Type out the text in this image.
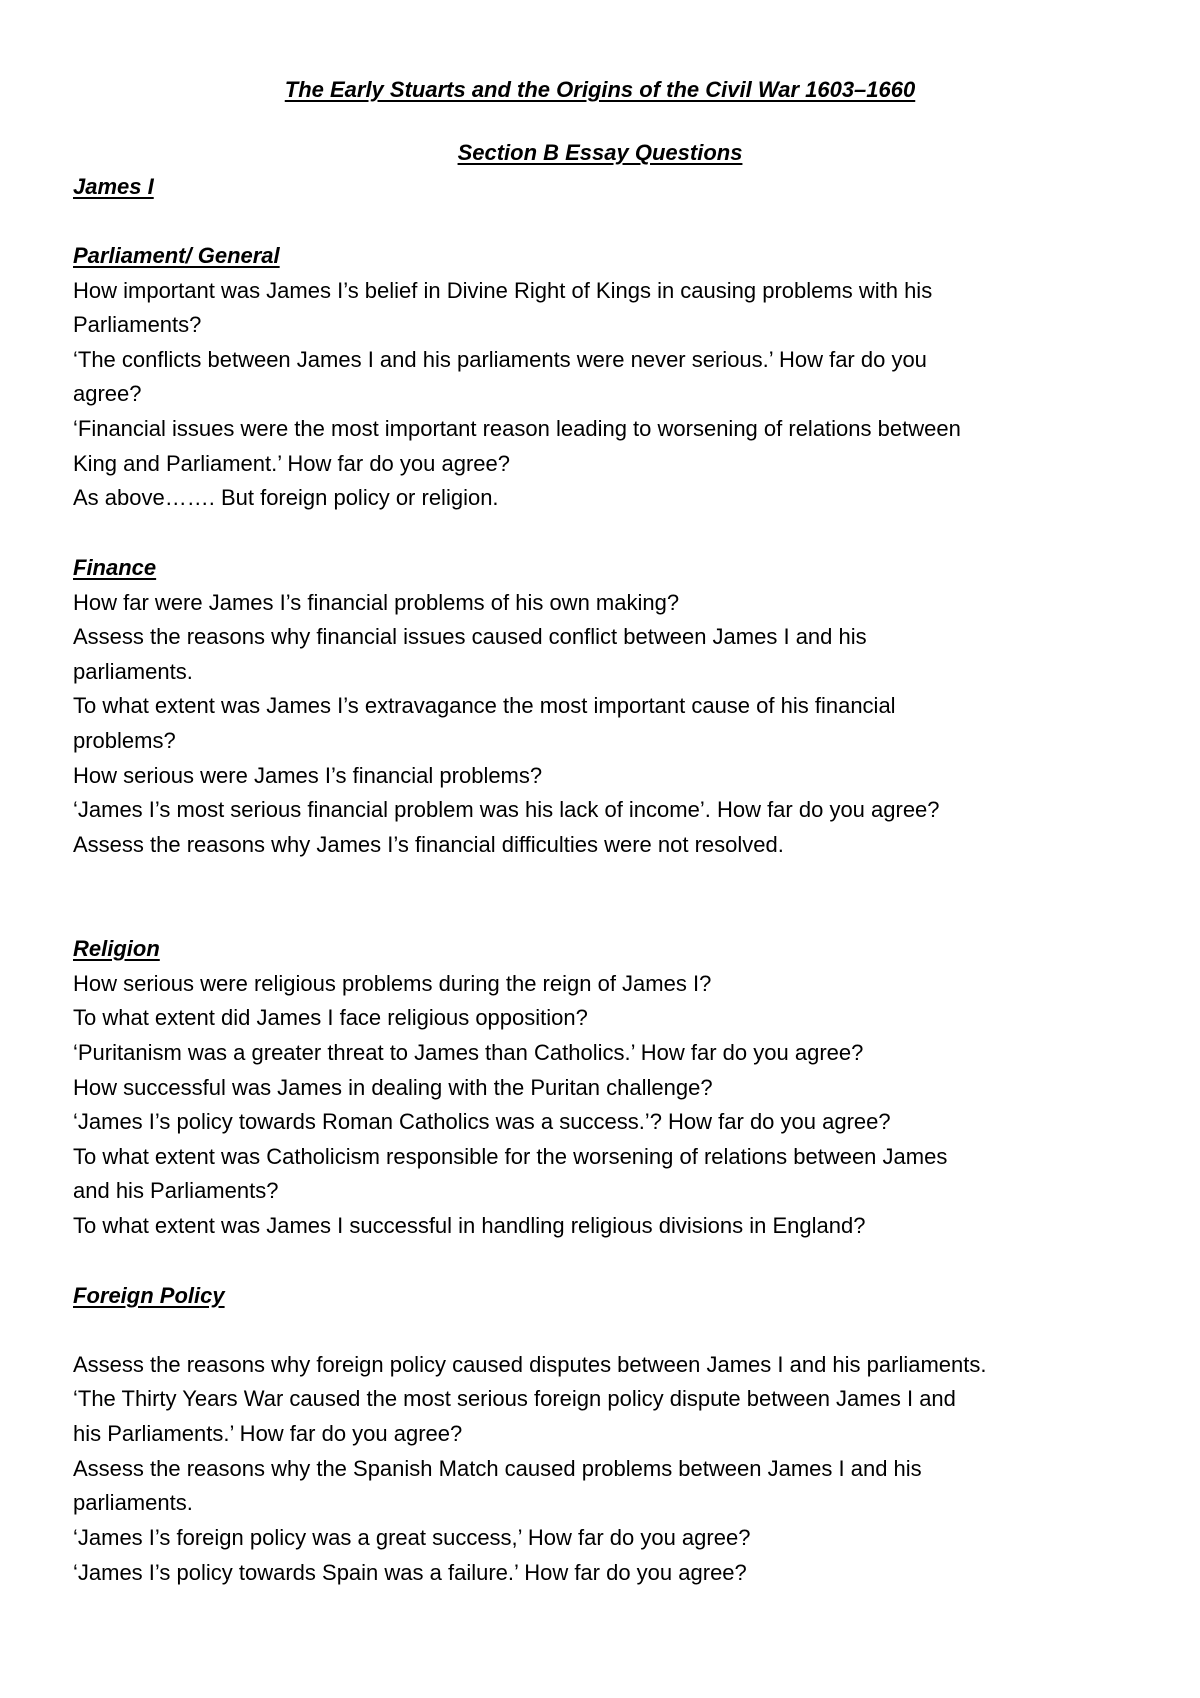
The Early Stuarts and the Origins of the Civil War 1603–1660
Section B Essay Questions
James I
Parliament/ General
How important was James I’s belief in Divine Right of Kings in causing problems with his
Parliaments?
‘The conflicts between James I and his parliaments were never serious.’ How far do you
agree?
‘Financial issues were the most important reason leading to worsening of relations between
King and Parliament.’ How far do you agree?
As above……. But foreign policy or religion.
Finance
How far were James I’s financial problems of his own making?
Assess the reasons why financial issues caused conflict between James I and his
parliaments.
To what extent was James I’s extravagance the most important cause of his financial
problems?
How serious were James I’s financial problems?
‘James I’s most serious financial problem was his lack of income’. How far do you agree?
Assess the reasons why James I’s financial difficulties were not resolved.
Religion
How serious were religious problems during the reign of James I?
To what extent did James I face religious opposition?
‘Puritanism was a greater threat to James than Catholics.’ How far do you agree?
How successful was James in dealing with the Puritan challenge?
‘James I’s policy towards Roman Catholics was a success.’? How far do you agree?
To what extent was Catholicism responsible for the worsening of relations between James
and his Parliaments?
To what extent was James I successful in handling religious divisions in England?
Foreign Policy
Assess the reasons why foreign policy caused disputes between James I and his parliaments.
‘The Thirty Years War caused the most serious foreign policy dispute between James I and
his Parliaments.’ How far do you agree?
Assess the reasons why the Spanish Match caused problems between James I and his
parliaments.
‘James I’s foreign policy was a great success,’ How far do you agree?
‘James I’s policy towards Spain was a failure.’ How far do you agree?
